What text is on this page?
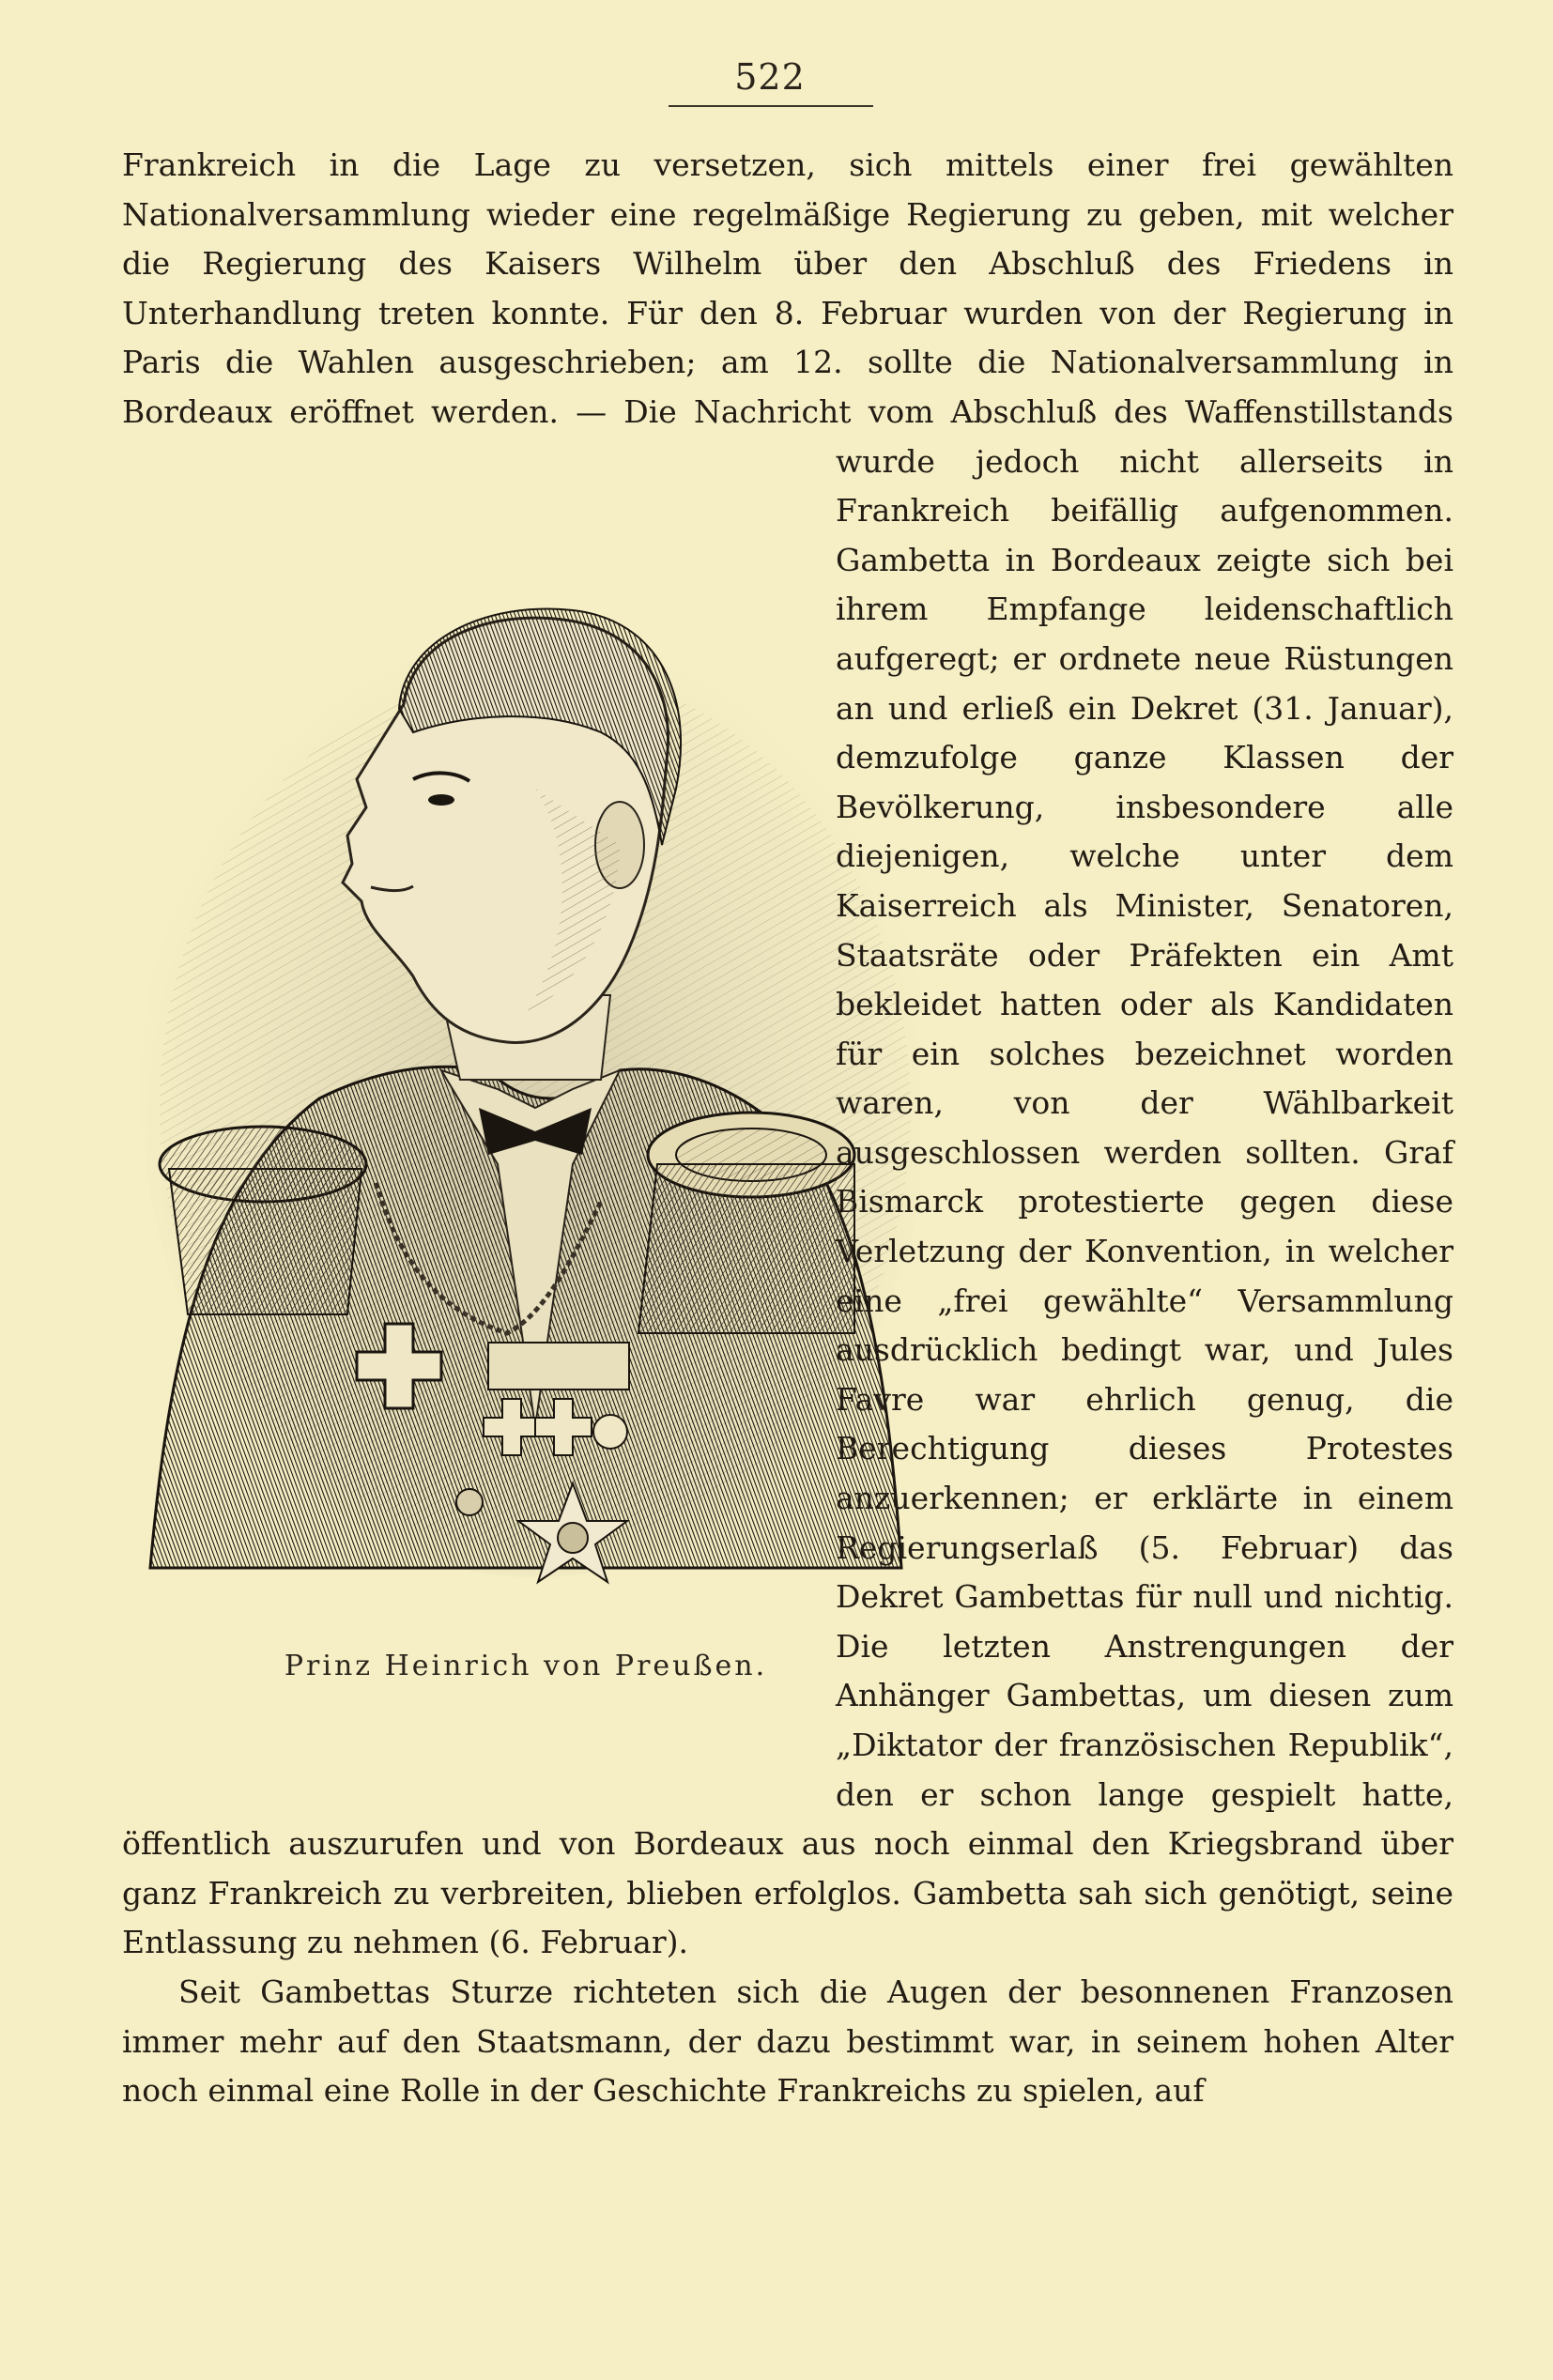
522
Prinz Heinrich von Preußen.

Frankreich in die Lage zu versetzen, sich mittels einer frei gewählten Nationalversammlung wieder eine regelmäßige Regierung zu geben, mit welcher die Regierung des Kaisers Wilhelm über den Abschluß des Friedens in Unterhandlung treten konnte. Für den 8. Februar wurden von der Regierung in Paris die Wahlen ausgeschrieben; am 12. sollte die Nationalversammlung in Bordeaux eröffnet werden. — Die Nachricht vom Abschluß des Waffenstillstands wurde jedoch nicht allerseits in Frankreich beifällig aufgenommen. Gambetta in Bordeaux zeigte sich bei ihrem Empfange leidenschaftlich aufgeregt; er ordnete neue Rüstungen an und erließ ein Dekret (31. Januar), demzufolge ganze Klassen der Bevölkerung, insbesondere alle diejenigen, welche unter dem Kaiserreich als Minister, Senatoren, Staatsräte oder Präfekten ein Amt bekleidet hatten oder als Kandidaten für ein solches bezeichnet worden waren, von der Wählbarkeit ausgeschlossen werden sollten. Graf Bismarck protestierte gegen diese Verletzung der Konvention, in welcher eine „frei gewählte“ Versammlung ausdrücklich bedingt war, und Jules Favre war ehrlich genug, die Berechtigung dieses Protestes anzuerkennen; er erklärte in einem Regierungserlaß (5. Februar) das Dekret Gambettas für null und nichtig. Die letzten Anstrengungen der Anhänger Gambettas, um diesen zum „Diktator der französischen Republik“, den er schon lange gespielt hatte, öffentlich auszurufen und von Bordeaux aus noch einmal den Kriegsbrand über ganz Frankreich zu verbreiten, blieben erfolglos. Gambetta sah sich genötigt, seine Entlassung zu nehmen (6. Februar).

Seit Gambettas Sturze richteten sich die Augen der besonnenen Franzosen immer mehr auf den Staatsmann, der dazu bestimmt war, in seinem hohen Alter noch einmal eine Rolle in der Geschichte Frankreichs zu spielen, auf
